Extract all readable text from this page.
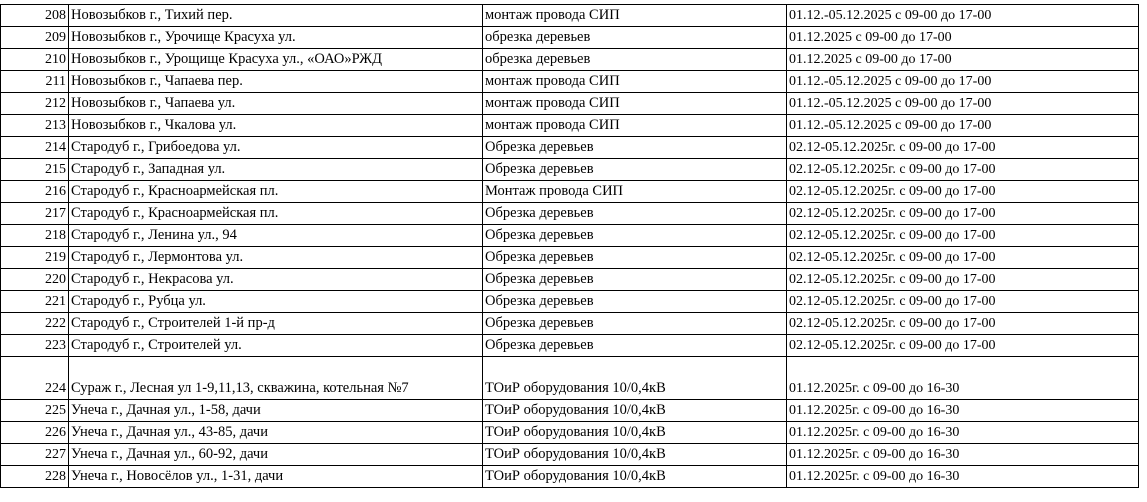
208	Новозыбков г., Тихий пер.	монтаж провода СИП	01.12.-05.12.2025 с 09-00 до 17-00
209	Новозыбков г., Урочище Красуха ул.	обрезка деревьев	01.12.2025 с 09-00 до 17-00
210	Новозыбков г., Урощище Красуха ул., «ОАО»РЖД	обрезка деревьев	01.12.2025 с 09-00 до 17-00
211	Новозыбков г., Чапаева пер.	монтаж провода СИП	01.12.-05.12.2025 с 09-00 до 17-00
212	Новозыбков г., Чапаева ул.	монтаж провода СИП	01.12.-05.12.2025 с 09-00 до 17-00
213	Новозыбков г., Чкалова ул.	монтаж провода СИП	01.12.-05.12.2025 с 09-00 до 17-00
214	Стародуб г., Грибоедова ул.	Обрезка деревьев	02.12-05.12.2025г. с 09-00 до 17-00
215	Стародуб г., Западная ул.	Обрезка деревьев	02.12-05.12.2025г. с 09-00 до 17-00
216	Стародуб г., Красноармейская пл.	Монтаж провода СИП	02.12-05.12.2025г. с 09-00 до 17-00
217	Стародуб г., Красноармейская пл.	Обрезка деревьев	02.12-05.12.2025г. с 09-00 до 17-00
218	Стародуб г., Ленина ул., 94	Обрезка деревьев	02.12-05.12.2025г. с 09-00 до 17-00
219	Стародуб г., Лермонтова ул.	Обрезка деревьев	02.12-05.12.2025г. с 09-00 до 17-00
220	Стародуб г., Некрасова ул.	Обрезка деревьев	02.12-05.12.2025г. с 09-00 до 17-00
221	Стародуб г., Рубца ул.	Обрезка деревьев	02.12-05.12.2025г. с 09-00 до 17-00
222	Стародуб г., Строителей 1-й пр-д	Обрезка деревьев	02.12-05.12.2025г. с 09-00 до 17-00
223	Стародуб г., Строителей ул.	Обрезка деревьев	02.12-05.12.2025г. с 09-00 до 17-00
224	Сураж г., Лесная ул 1-9,11,13, скважина, котельная №7	ТОиР оборудования 10/0,4кВ	01.12.2025г. с 09-00 до 16-30
225	Унеча г., Дачная ул., 1-58, дачи	ТОиР оборудования 10/0,4кВ	01.12.2025г. с 09-00 до 16-30
226	Унеча г., Дачная ул., 43-85, дачи	ТОиР оборудования 10/0,4кВ	01.12.2025г. с 09-00 до 16-30
227	Унеча г., Дачная ул., 60-92, дачи	ТОиР оборудования 10/0,4кВ	01.12.2025г. с 09-00 до 16-30
228	Унеча г., Новосёлов ул., 1-31, дачи	ТОиР оборудования 10/0,4кВ	01.12.2025г. с 09-00 до 16-30
